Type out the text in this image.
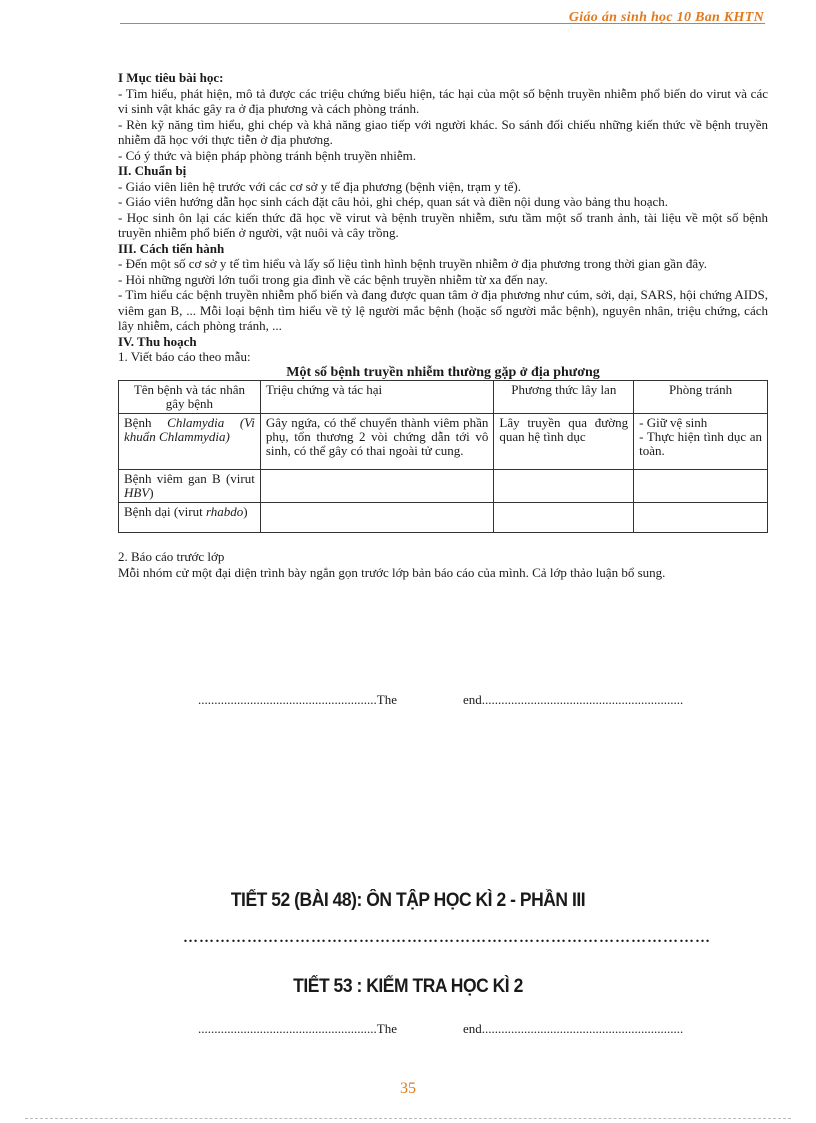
Giáo án sinh học 10 Ban KHTN

I Mục tiêu bài học:

- Tìm hiểu, phát hiện, mô tả được các triệu chứng biểu hiện, tác hại của một số bệnh truyền nhiễm phổ biến do virut và các vi sinh vật khác gây ra ở địa phương và cách phòng tránh.

- Rèn kỹ năng tìm hiểu, ghi chép và khả năng giao tiếp với người khác. So sánh đối chiếu những kiến thức về bệnh truyền nhiễm đã học với thực tiễn ở địa phương.

- Có ý thức và biện pháp phòng tránh bệnh truyền nhiễm.

II. Chuẩn bị

- Giáo viên liên hệ trước với các cơ sở y tế địa phương (bệnh viện, trạm y tế).

- Giáo viên hướng dẫn học sinh cách đặt câu hỏi, ghi chép, quan sát và điền nội dung vào bảng thu hoạch.

- Học sinh ôn lại các kiến thức đã học về virut và bệnh truyền nhiễm, sưu tầm một số tranh ảnh, tài liệu về một số bệnh truyền nhiễm phổ biến ở người, vật nuôi và cây trồng.

III. Cách tiến hành

- Đến một số cơ sở y tế tìm hiểu và lấy số liệu tình hình bệnh truyền nhiễm ở địa phương trong thời gian gần đây.

- Hỏi những người lớn tuổi trong gia đình về các bệnh truyền nhiễm từ xa đến nay.

- Tìm hiểu các bệnh truyền nhiễm phổ biến và đang được quan tâm ở địa phương như cúm, sởi, dại, SARS, hội chứng AIDS, viêm gan B, ... Mỗi loại bệnh tìm hiểu về tỷ lệ người mắc bệnh (hoặc số người mắc bệnh), nguyên nhân, triệu chứng, cách lây nhiễm, cách phòng tránh, ...

IV. Thu hoạch

1. Viết báo cáo theo mẫu:

Một số bệnh truyền nhiễm thường gặp ở địa phương

Tên bệnh và tác nhân gây bệnh	Triệu chứng và tác hại	Phương thức lây lan	Phòng tránh
Bệnh Chlamydia (Vi khuẩn Chlammydia)	Gây ngứa, có thể chuyển thành viêm phần phụ, tổn thương 2 vòi chứng dẫn tới vô sinh, có thể gây có thai ngoài tử cung.	Lây truyền qua đường quan hệ tình dục	- Giữ vệ sinh
- Thực hiện tình dục an toàn.

Bệnh viêm gan B (virut HBV)			
Bệnh dại (virut rhabdo)			

2. Báo cáo trước lớp

Mỗi nhóm cử một đại diện trình bày ngắn gọn trước lớp bản báo cáo của mình. Cả lớp thảo luận bổ sung.

.......................................................The	end..............................................................
TIẾT 52 (BÀI 48): ÔN TẬP HỌC KÌ 2 - PHẦN III
………………………………………………………………………………………
TIẾT 53 : KIỂM TRA HỌC KÌ 2
.......................................................The	end..............................................................
35
